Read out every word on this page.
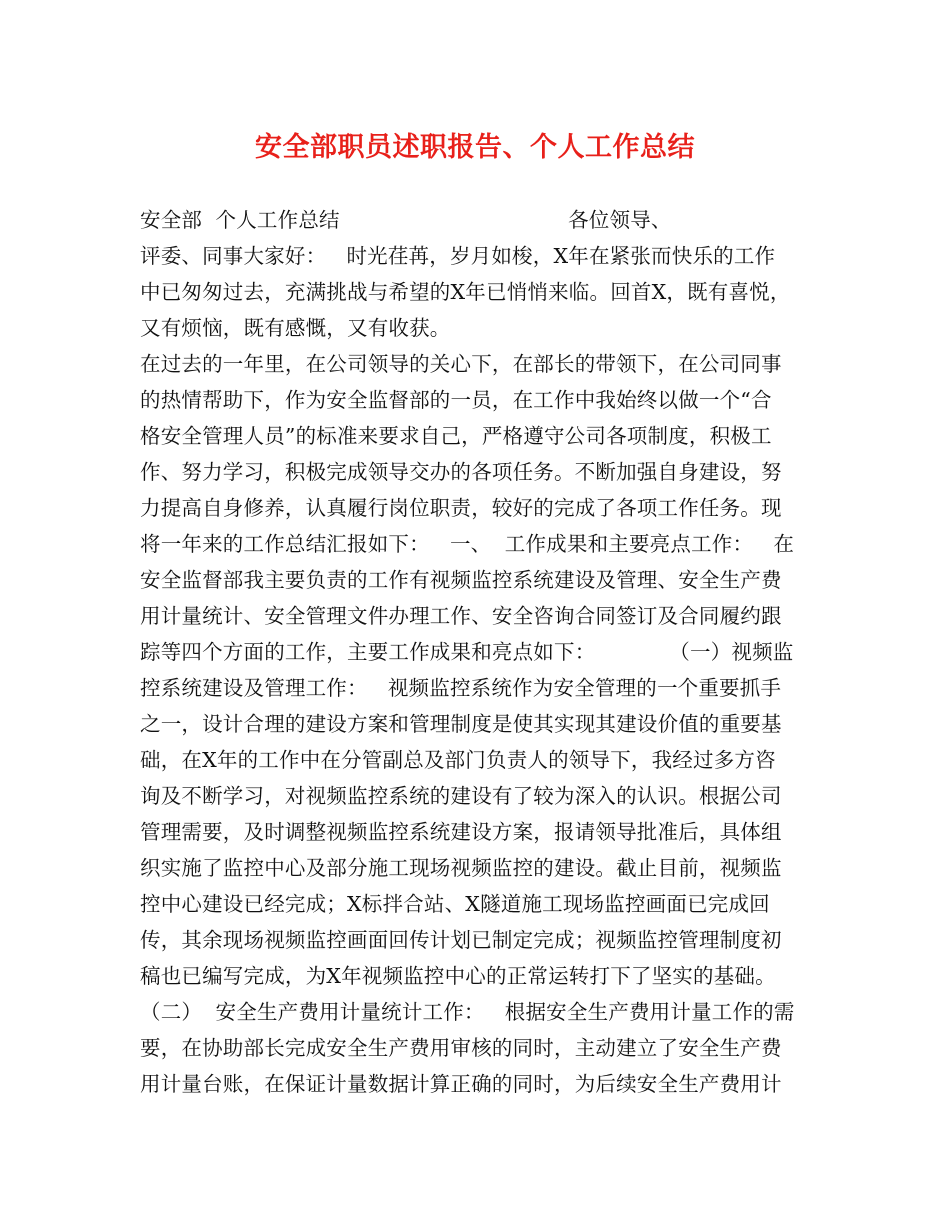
安全部职员述职报告、个人工作总结
安全部  个人工作总结                                  各位领导、
评委、同事大家好：   时光荏苒，岁月如梭，X年在紧张而快乐的工作
中已匆匆过去，充满挑战与希望的X年已悄悄来临。回首X，既有喜悦，
又有烦恼，既有感慨，又有收获。
在过去的一年里，在公司领导的关心下，在部长的带领下，在公司同事
的热情帮助下，作为安全监督部的一员，在工作中我始终以做一个“合
格安全管理人员”的标准来要求自己，严格遵守公司各项制度，积极工
作、努力学习，积极完成领导交办的各项任务。不断加强自身建设，努
力提高自身修养，认真履行岗位职责，较好的完成了各项工作任务。现
将一年来的工作总结汇报如下：   一、  工作成果和主要亮点工作：   在
安全监督部我主要负责的工作有视频监控系统建设及管理、安全生产费
用计量统计、安全管理文件办理工作、安全咨询合同签订及合同履约跟
踪等四个方面的工作，主要工作成果和亮点如下：           （一）视频监
控系统建设及管理工作：   视频监控系统作为安全管理的一个重要抓手
之一，设计合理的建设方案和管理制度是使其实现其建设价值的重要基
础，在X年的工作中在分管副总及部门负责人的领导下，我经过多方咨
询及不断学习，对视频监控系统的建设有了较为深入的认识。根据公司
管理需要，及时调整视频监控系统建设方案，报请领导批准后，具体组
织实施了监控中心及部分施工现场视频监控的建设。截止目前，视频监
控中心建设已经完成；X标拌合站、X隧道施工现场监控画面已完成回
传，其余现场视频监控画面回传计划已制定完成；视频监控管理制度初
稿也已编写完成，为X年视频监控中心的正常运转打下了坚实的基础。
（二）  安全生产费用计量统计工作：   根据安全生产费用计量工作的需
要，在协助部长完成安全生产费用审核的同时，主动建立了安全生产费
用计量台账，在保证计量数据计算正确的同时，为后续安全生产费用计
